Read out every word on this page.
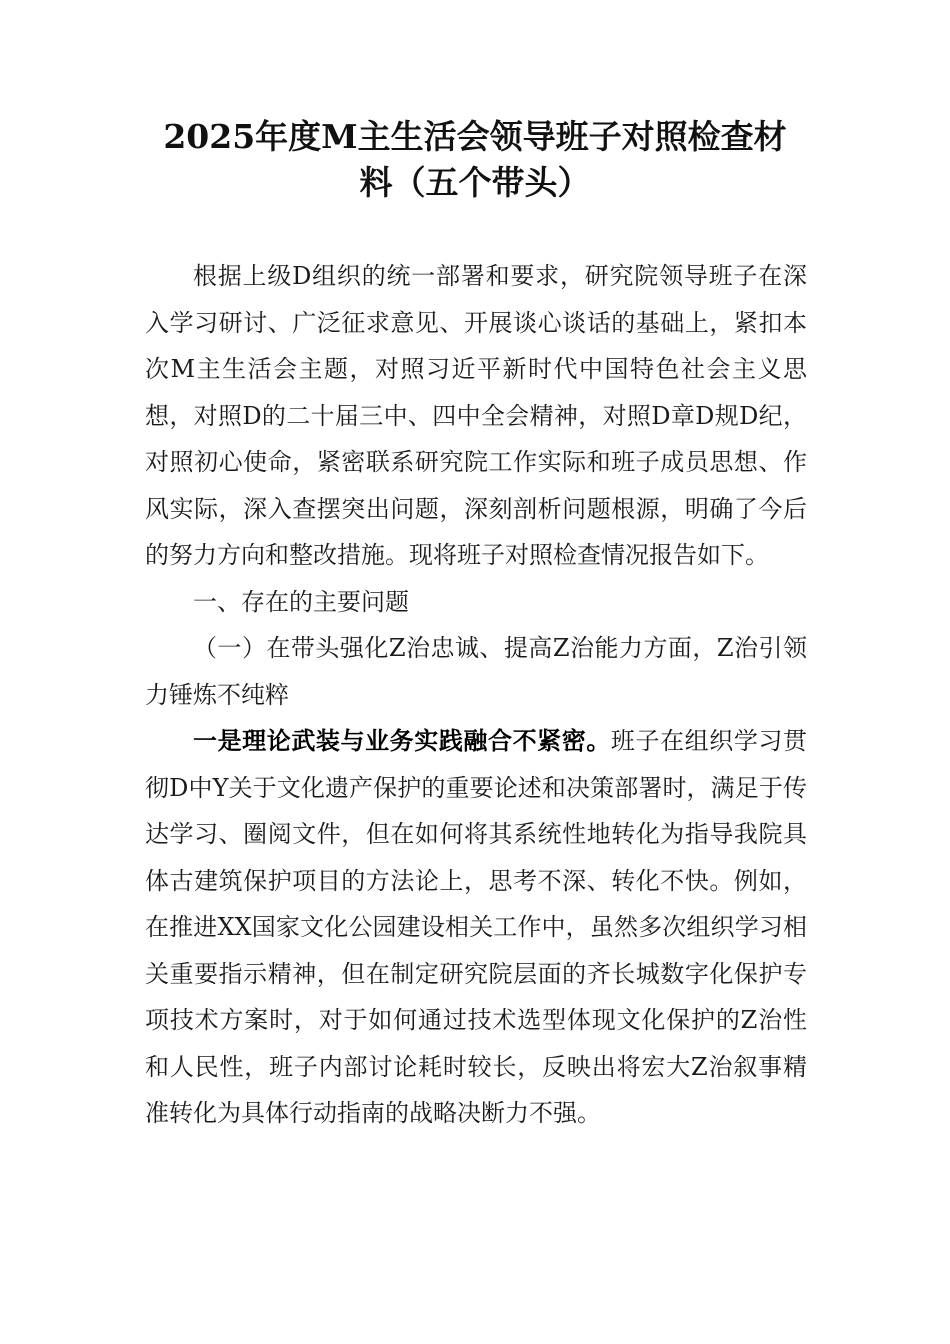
2025年度M主生活会领导班子对照检查材
料（五个带头）

根据上级D组织的统一部署和要求，研究院领导班子在深入学习研讨、广泛征求意见、开展谈心谈话的基础上，紧扣本次M主生活会主题，对照习近平新时代中国特色社会主义思想，对照D的二十届三中、四中全会精神，对照D章D规D纪，对照初心使命，紧密联系研究院工作实际和班子成员思想、作风实际，深入查摆突出问题，深刻剖析问题根源，明确了今后的努力方向和整改措施。现将班子对照检查情况报告如下。

一、存在的主要问题

（一）在带头强化Z治忠诚、提高Z治能力方面，Z治引领力锤炼不纯粹

一是理论武装与业务实践融合不紧密。班子在组织学习贯彻D中Y关于文化遗产保护的重要论述和决策部署时，满足于传达学习、圈阅文件，但在如何将其系统性地转化为指导我院具体古建筑保护项目的方法论上，思考不深、转化不快。例如，在推进XX国家文化公园建设相关工作中，虽然多次组织学习相关重要指示精神，但在制定研究院层面的齐长城数字化保护专项技术方案时，对于如何通过技术选型体现文化保护的Z治性和人民性，班子内部讨论耗时较长，反映出将宏大Z治叙事精准转化为具体行动指南的战略决断力不强。
